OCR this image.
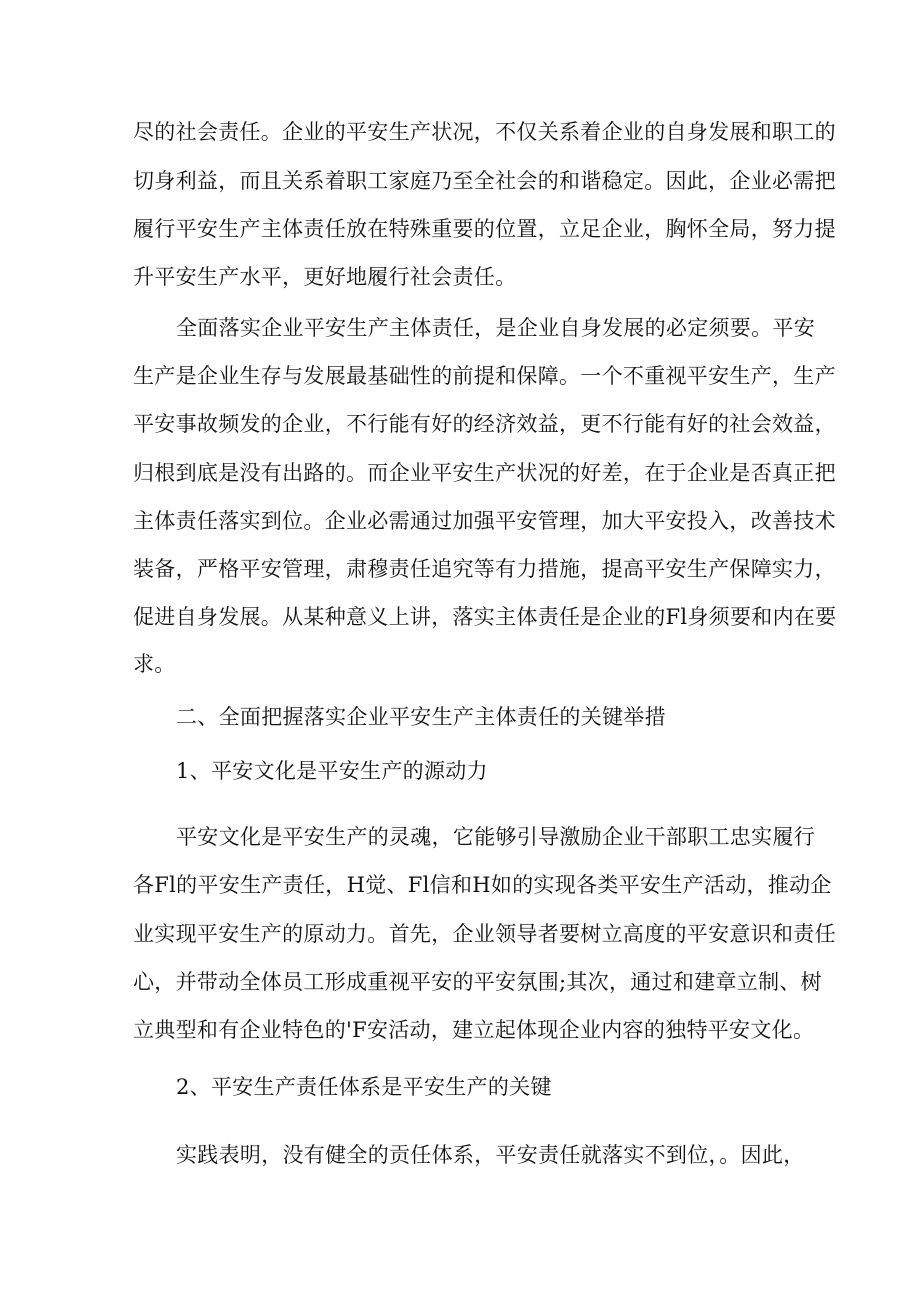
尽的社会责任。企业的平安生产状况，不仅关系着企业的自身发展和职工的
切身利益，而且关系着职工家庭乃至全社会的和谐稳定。因此，企业必需把
履行平安生产主体责任放在特殊重要的位置，立足企业，胸怀全局，努力提
升平安生产水平，更好地履行社会责任。
全面落实企业平安生产主体责任，是企业自身发展的必定须要。平安
生产是企业生存与发展最基础性的前提和保障。一个不重视平安生产，生产
平安事故频发的企业，不行能有好的经济效益，更不行能有好的社会效益，
归根到底是没有出路的。而企业平安生产状况的好差，在于企业是否真正把
主体责任落实到位。企业必需通过加强平安管理，加大平安投入，改善技术
装备，严格平安管理，肃穆责任追究等有力措施，提高平安生产保障实力，
促进自身发展。从某种意义上讲，落实主体责任是企业的Fl身须要和内在要
求。
二、全面把握落实企业平安生产主体责任的关键举措
1、平安文化是平安生产的源动力
平安文化是平安生产的灵魂，它能够引导激励企业干部职工忠实履行
各Fl的平安生产责任，H觉、Fl信和H如的实现各类平安生产活动，推动企
业实现平安生产的原动力。首先，企业领导者要树立高度的平安意识和责任
心，并带动全体员工形成重视平安的平安氛围;其次，通过和建章立制、树
立典型和有企业特色的'F安活动，建立起体现企业内容的独特平安文化。
2、平安生产责任体系是平安生产的关键
实践表明，没有健全的贡任体系，平安责任就落实不到位，。因此，
